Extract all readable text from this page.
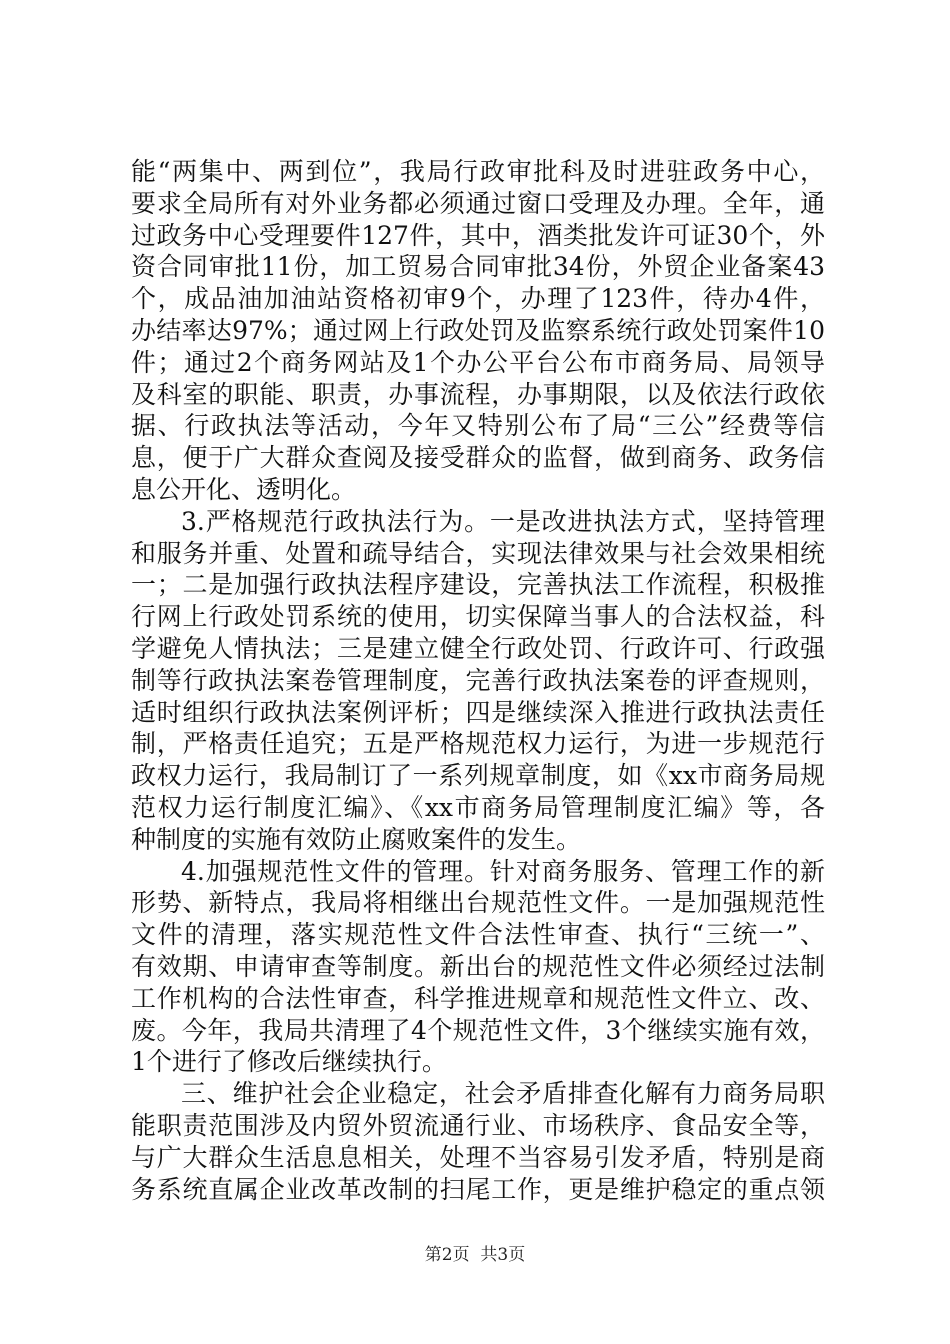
能“两集中、两到位”，我局行政审批科及时进驻政务中心，
要求全局所有对外业务都必须通过窗口受理及办理。全年，通
过政务中心受理要件127件，其中，酒类批发许可证30个，外
资合同审批11份，加工贸易合同审批34份，外贸企业备案43
个，成品油加油站资格初审9个，办理了123件，待办4件，
办结率达97%；通过网上行政处罚及监察系统行政处罚案件10
件；通过2个商务网站及1个办公平台公布市商务局、局领导
及科室的职能、职责，办事流程，办事期限，以及依法行政依
据、行政执法等活动，今年又特别公布了局“三公”经费等信
息，便于广大群众查阅及接受群众的监督，做到商务、政务信
息公开化、透明化。
3.严格规范行政执法行为。一是改进执法方式，坚持管理
和服务并重、处置和疏导结合，实现法律效果与社会效果相统
一；二是加强行政执法程序建设，完善执法工作流程，积极推
行网上行政处罚系统的使用，切实保障当事人的合法权益，科
学避免人情执法；三是建立健全行政处罚、行政许可、行政强
制等行政执法案卷管理制度，完善行政执法案卷的评查规则，
适时组织行政执法案例评析；四是继续深入推进行政执法责任
制，严格责任追究；五是严格规范权力运行，为进一步规范行
政权力运行，我局制订了一系列规章制度，如《xx市商务局规
范权力运行制度汇编》、《xx市商务局管理制度汇编》等，各
种制度的实施有效防止腐败案件的发生。
4.加强规范性文件的管理。针对商务服务、管理工作的新
形势、新特点，我局将相继出台规范性文件。一是加强规范性
文件的清理，落实规范性文件合法性审查、执行“三统一”、
有效期、申请审查等制度。新出台的规范性文件必须经过法制
工作机构的合法性审查，科学推进规章和规范性文件立、改、
废。今年，我局共清理了4个规范性文件，3个继续实施有效，
1个进行了修改后继续执行。
三、维护社会企业稳定，社会矛盾排查化解有力商务局职
能职责范围涉及内贸外贸流通行业、市场秩序、食品安全等，
与广大群众生活息息相关，处理不当容易引发矛盾，特别是商
务系统直属企业改革改制的扫尾工作，更是维护稳定的重点领
第2页  共3页
